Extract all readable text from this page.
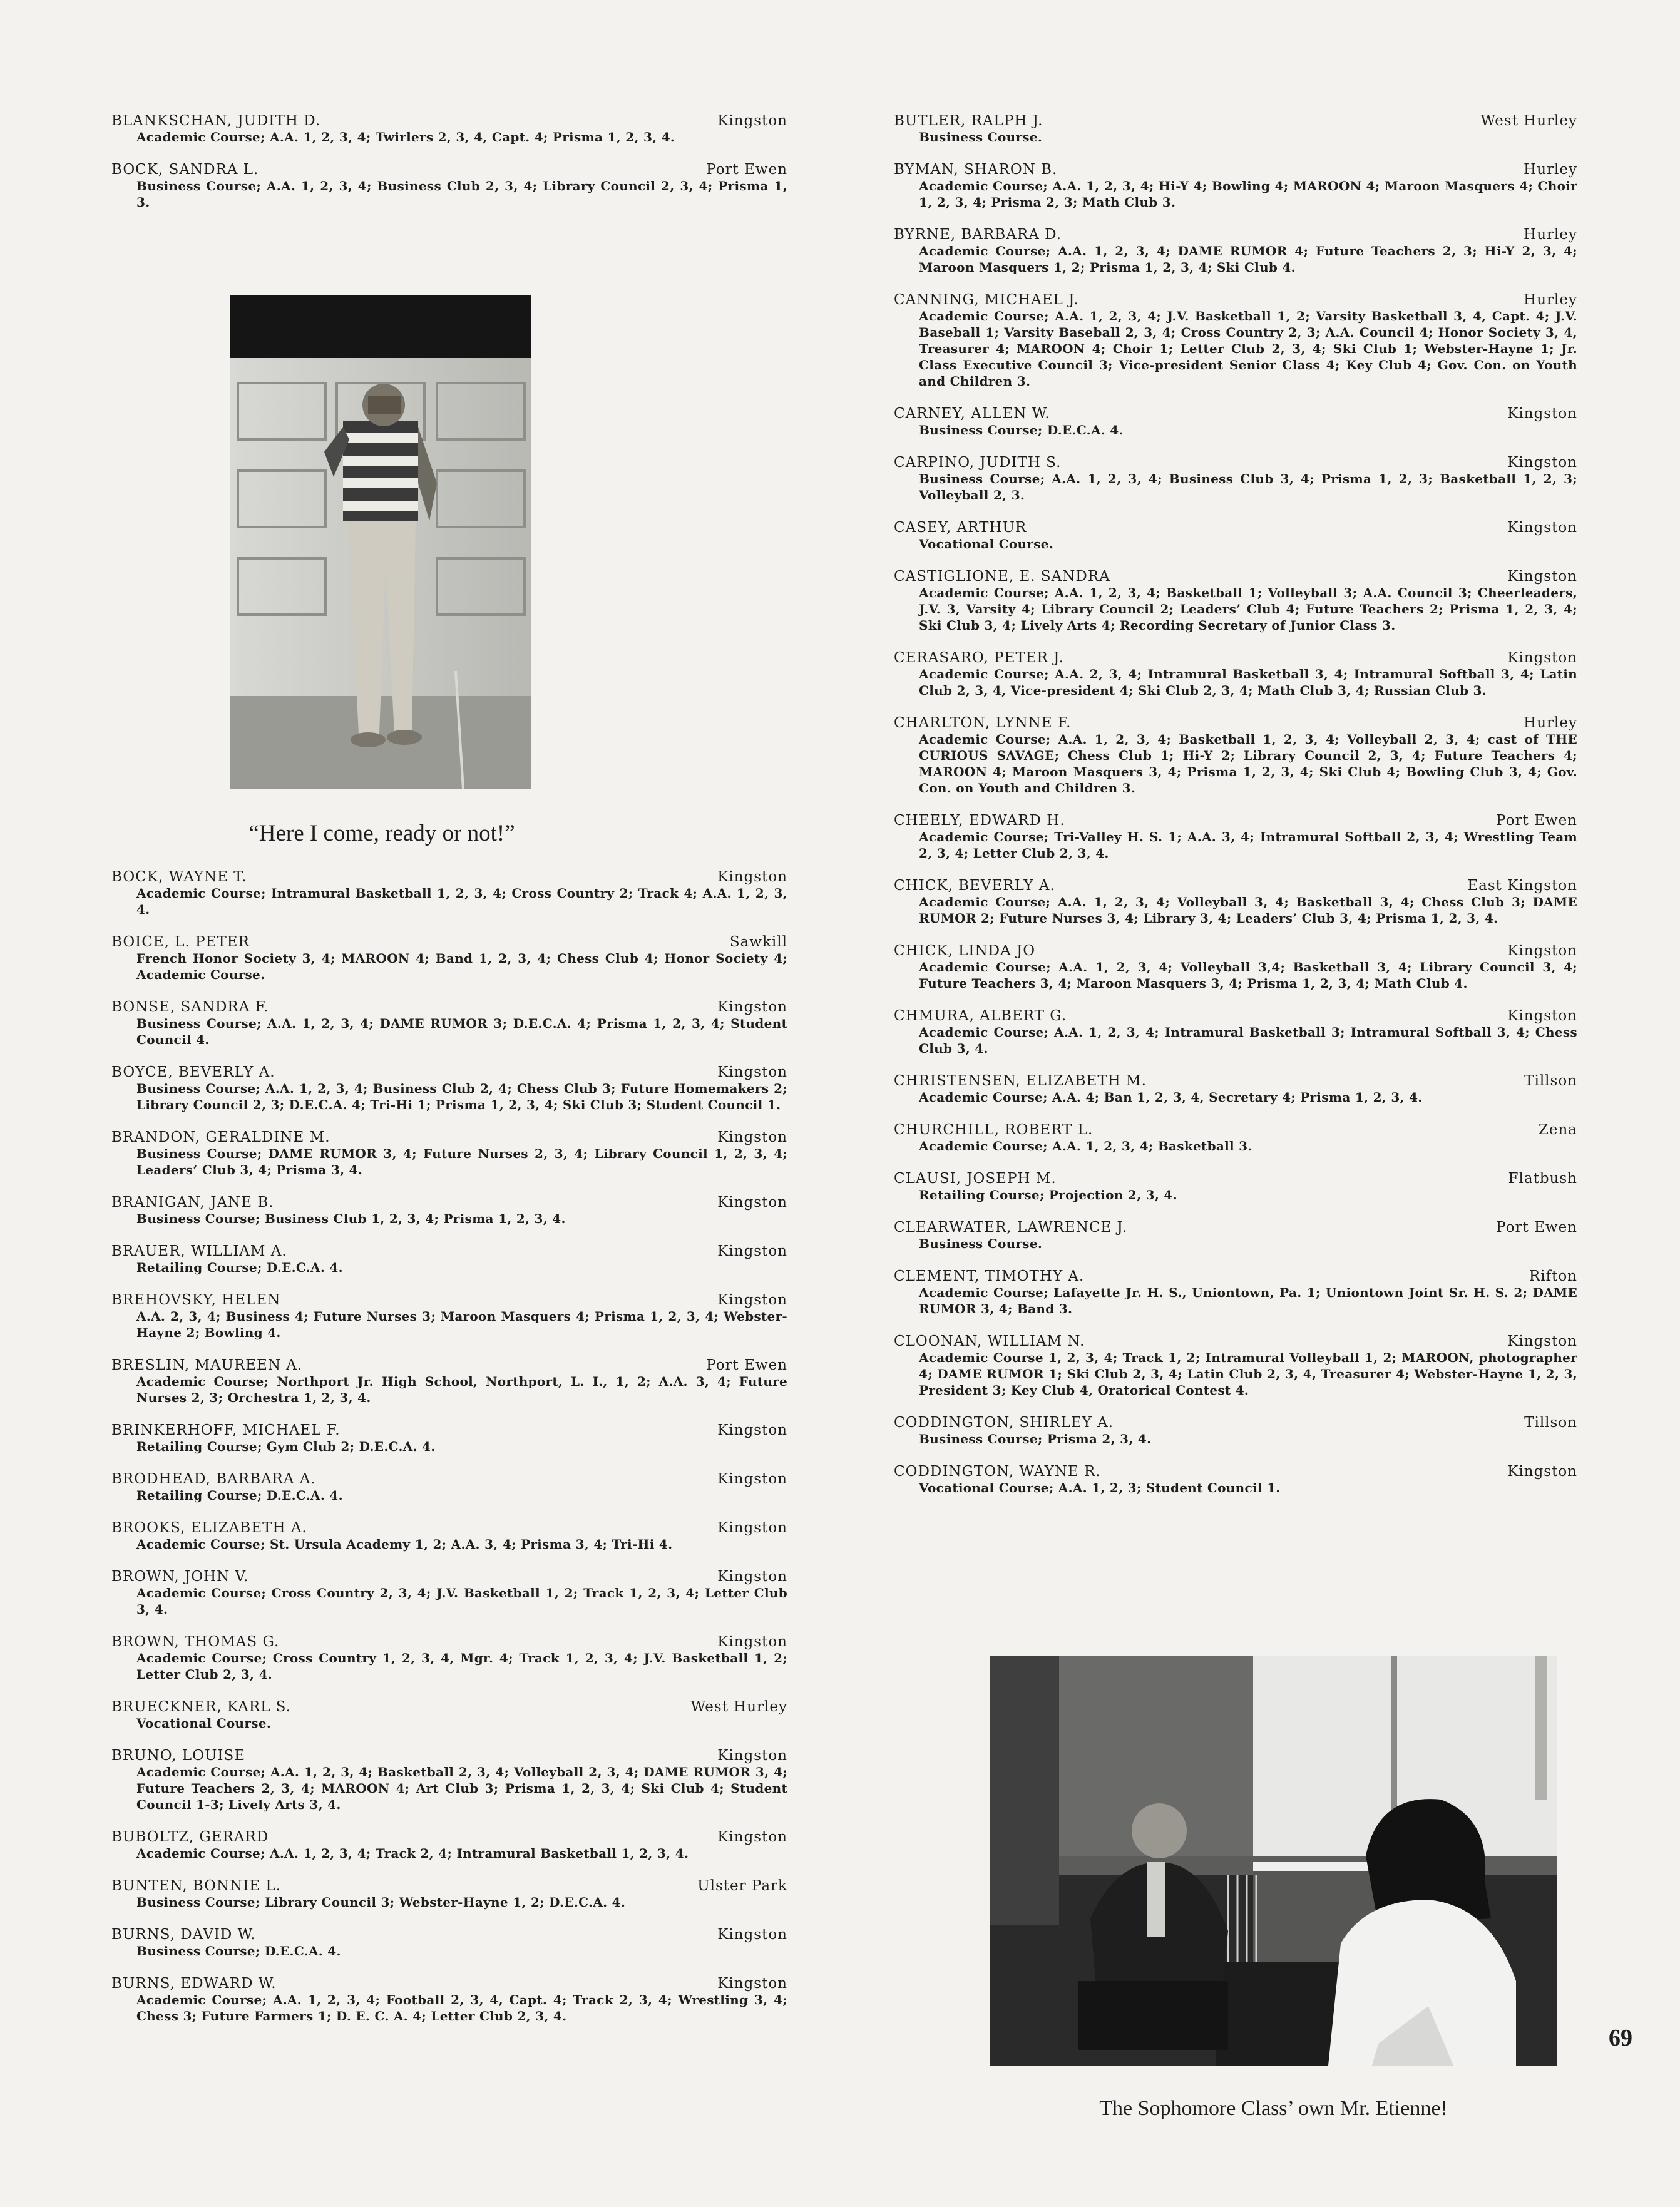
BLANKSCHAN, JUDITH D.	Kingston
Academic Course; A.A. 1, 2, 3, 4; Twirlers 2, 3, 4, Capt. 4; Prisma 1, 2, 3, 4.
BOCK, SANDRA L.	Port Ewen
Business Course; A.A. 1, 2, 3, 4; Business Club 2, 3, 4; Library Council 2, 3, 4; Prisma 1, 3.
BOCK, WAYNE T.	Kingston
Academic Course; Intramural Basketball 1, 2, 3, 4; Cross Country 2; Track 4; A.A. 1, 2, 3, 4.
BOICE, L. PETER	Sawkill
French Honor Society 3, 4; MAROON 4; Band 1, 2, 3, 4; Chess Club 4; Honor Society 4; Academic Course.
BONSE, SANDRA F.	Kingston
Business Course; A.A. 1, 2, 3, 4; DAME RUMOR 3; D.E.C.A. 4; Prisma 1, 2, 3, 4; Student Council 4.
BOYCE, BEVERLY A.	Kingston
Business Course; A.A. 1, 2, 3, 4; Business Club 2, 4; Chess Club 3; Future Homemakers 2; Library Council 2, 3; D.E.C.A. 4; Tri-Hi 1; Prisma 1, 2, 3, 4; Ski Club 3; Student Council 1.
BRANDON, GERALDINE M.	Kingston
Business Course; DAME RUMOR 3, 4; Future Nurses 2, 3, 4; Library Council 1, 2, 3, 4; Leaders’ Club 3, 4; Prisma 3, 4.
BRANIGAN, JANE B.	Kingston
Business Course; Business Club 1, 2, 3, 4; Prisma 1, 2, 3, 4.
BRAUER, WILLIAM A.	Kingston
Retailing Course; D.E.C.A. 4.
BREHOVSKY, HELEN	Kingston
A.A. 2, 3, 4; Business 4; Future Nurses 3; Maroon Masquers 4; Prisma 1, 2, 3, 4; Webster-Hayne 2; Bowling 4.
BRESLIN, MAUREEN A.	Port Ewen
Academic Course; Northport Jr. High School, Northport, L. I., 1, 2; A.A. 3, 4; Future Nurses 2, 3; Orchestra 1, 2, 3, 4.
BRINKERHOFF, MICHAEL F.	Kingston
Retailing Course; Gym Club 2; D.E.C.A. 4.
BRODHEAD, BARBARA A.	Kingston
Retailing Course; D.E.C.A. 4.
BROOKS, ELIZABETH A.	Kingston
Academic Course; St. Ursula Academy 1, 2; A.A. 3, 4; Prisma 3, 4; Tri-Hi 4.
BROWN, JOHN V.	Kingston
Academic Course; Cross Country 2, 3, 4; J.V. Basketball 1, 2; Track 1, 2, 3, 4; Letter Club 3, 4.
BROWN, THOMAS G.	Kingston
Academic Course; Cross Country 1, 2, 3, 4, Mgr. 4; Track 1, 2, 3, 4; J.V. Basketball 1, 2; Letter Club 2, 3, 4.
BRUECKNER, KARL S.	West Hurley
Vocational Course.
BRUNO, LOUISE	Kingston
Academic Course; A.A. 1, 2, 3, 4; Basketball 2, 3, 4; Volleyball 2, 3, 4; DAME RUMOR 3, 4; Future Teachers 2, 3, 4; MAROON 4; Art Club 3; Prisma 1, 2, 3, 4; Ski Club 4; Student Council 1-3; Lively Arts 3, 4.
BUBOLTZ, GERARD	Kingston
Academic Course; A.A. 1, 2, 3, 4; Track 2, 4; Intramural Basketball 1, 2, 3, 4.
BUNTEN, BONNIE L.	Ulster Park
Business Course; Library Council 3; Webster-Hayne 1, 2; D.E.C.A. 4.
BURNS, DAVID W.	Kingston
Business Course; D.E.C.A. 4.
BURNS, EDWARD W.	Kingston
Academic Course; A.A. 1, 2, 3, 4; Football 2, 3, 4, Capt. 4; Track 2, 3, 4; Wrestling 3, 4; Chess 3; Future Farmers 1; D. E. C. A. 4; Letter Club 2, 3, 4.
BUTLER, RALPH J.	West Hurley
Business Course.
BYMAN, SHARON B.	Hurley
Academic Course; A.A. 1, 2, 3, 4; Hi-Y 4; Bowling 4; MAROON 4; Maroon Masquers 4; Choir 1, 2, 3, 4; Prisma 2, 3; Math Club 3.
BYRNE, BARBARA D.	Hurley
Academic Course; A.A. 1, 2, 3, 4; DAME RUMOR 4; Future Teachers 2, 3; Hi-Y 2, 3, 4; Maroon Masquers 1, 2; Prisma 1, 2, 3, 4; Ski Club 4.
CANNING, MICHAEL J.	Hurley
Academic Course; A.A. 1, 2, 3, 4; J.V. Basketball 1, 2; Varsity Basketball 3, 4, Capt. 4; J.V. Baseball 1; Varsity Baseball 2, 3, 4; Cross Country 2, 3; A.A. Council 4; Honor Society 3, 4, Treasurer 4; MAROON 4; Choir 1; Letter Club 2, 3, 4; Ski Club 1; Webster-Hayne 1; Jr. Class Executive Council 3; Vice-president Senior Class 4; Key Club 4; Gov. Con. on Youth and Children 3.
CARNEY, ALLEN W.	Kingston
Business Course; D.E.C.A. 4.
CARPINO, JUDITH S.	Kingston
Business Course; A.A. 1, 2, 3, 4; Business Club 3, 4; Prisma 1, 2, 3; Basketball 1, 2, 3; Volleyball 2, 3.
CASEY, ARTHUR	Kingston
Vocational Course.
CASTIGLIONE, E. SANDRA	Kingston
Academic Course; A.A. 1, 2, 3, 4; Basketball 1; Volleyball 3; A.A. Council 3; Cheerleaders, J.V. 3, Varsity 4; Library Council 2; Leaders’ Club 4; Future Teachers 2; Prisma 1, 2, 3, 4; Ski Club 3, 4; Lively Arts 4; Recording Secretary of Junior Class 3.
CERASARO, PETER J.	Kingston
Academic Course; A.A. 2, 3, 4; Intramural Basketball 3, 4; Intramural Softball 3, 4; Latin Club 2, 3, 4, Vice-president 4; Ski Club 2, 3, 4; Math Club 3, 4; Russian Club 3.
CHARLTON, LYNNE F.	Hurley
Academic Course; A.A. 1, 2, 3, 4; Basketball 1, 2, 3, 4; Volleyball 2, 3, 4; cast of THE CURIOUS SAVAGE; Chess Club 1; Hi-Y 2; Library Council 2, 3, 4; Future Teachers 4; MAROON 4; Maroon Masquers 3, 4; Prisma 1, 2, 3, 4; Ski Club 4; Bowling Club 3, 4; Gov. Con. on Youth and Children 3.
CHEELY, EDWARD H.	Port Ewen
Academic Course; Tri-Valley H. S. 1; A.A. 3, 4; Intramural Softball 2, 3, 4; Wrestling Team 2, 3, 4; Letter Club 2, 3, 4.
CHICK, BEVERLY A.	East Kingston
Academic Course; A.A. 1, 2, 3, 4; Volleyball 3, 4; Basketball 3, 4; Chess Club 3; DAME RUMOR 2; Future Nurses 3, 4; Library 3, 4; Leaders’ Club 3, 4; Prisma 1, 2, 3, 4.
CHICK, LINDA JO	Kingston
Academic Course; A.A. 1, 2, 3, 4; Volleyball 3,4; Basketball 3, 4; Library Council 3, 4; Future Teachers 3, 4; Maroon Masquers 3, 4; Prisma 1, 2, 3, 4; Math Club 4.
CHMURA, ALBERT G.	Kingston
Academic Course; A.A. 1, 2, 3, 4; Intramural Basketball 3; Intramural Softball 3, 4; Chess Club 3, 4.
CHRISTENSEN, ELIZABETH M.	Tillson
Academic Course; A.A. 4; Ban 1, 2, 3, 4, Secretary 4; Prisma 1, 2, 3, 4.
CHURCHILL, ROBERT L.	Zena
Academic Course; A.A. 1, 2, 3, 4; Basketball 3.
CLAUSI, JOSEPH M.	Flatbush
Retailing Course; Projection 2, 3, 4.
CLEARWATER, LAWRENCE J.	Port Ewen
Business Course.
CLEMENT, TIMOTHY A.	Rifton
Academic Course; Lafayette Jr. H. S., Uniontown, Pa. 1; Uniontown Joint Sr. H. S. 2; DAME RUMOR 3, 4; Band 3.
CLOONAN, WILLIAM N.	Kingston
Academic Course 1, 2, 3, 4; Track 1, 2; Intramural Volleyball 1, 2; MAROON, photographer 4; DAME RUMOR 1; Ski Club 2, 3, 4; Latin Club 2, 3, 4, Treasurer 4; Webster-Hayne 1, 2, 3, President 3; Key Club 4, Oratorical Contest 4.
CODDINGTON, SHIRLEY A.	Tillson
Business Course; Prisma 2, 3, 4.
CODDINGTON, WAYNE R.	Kingston
Vocational Course; A.A. 1, 2, 3; Student Council 1.
“Here I come, ready or not!”
The Sophomore Class’ own Mr. Etienne!
69
